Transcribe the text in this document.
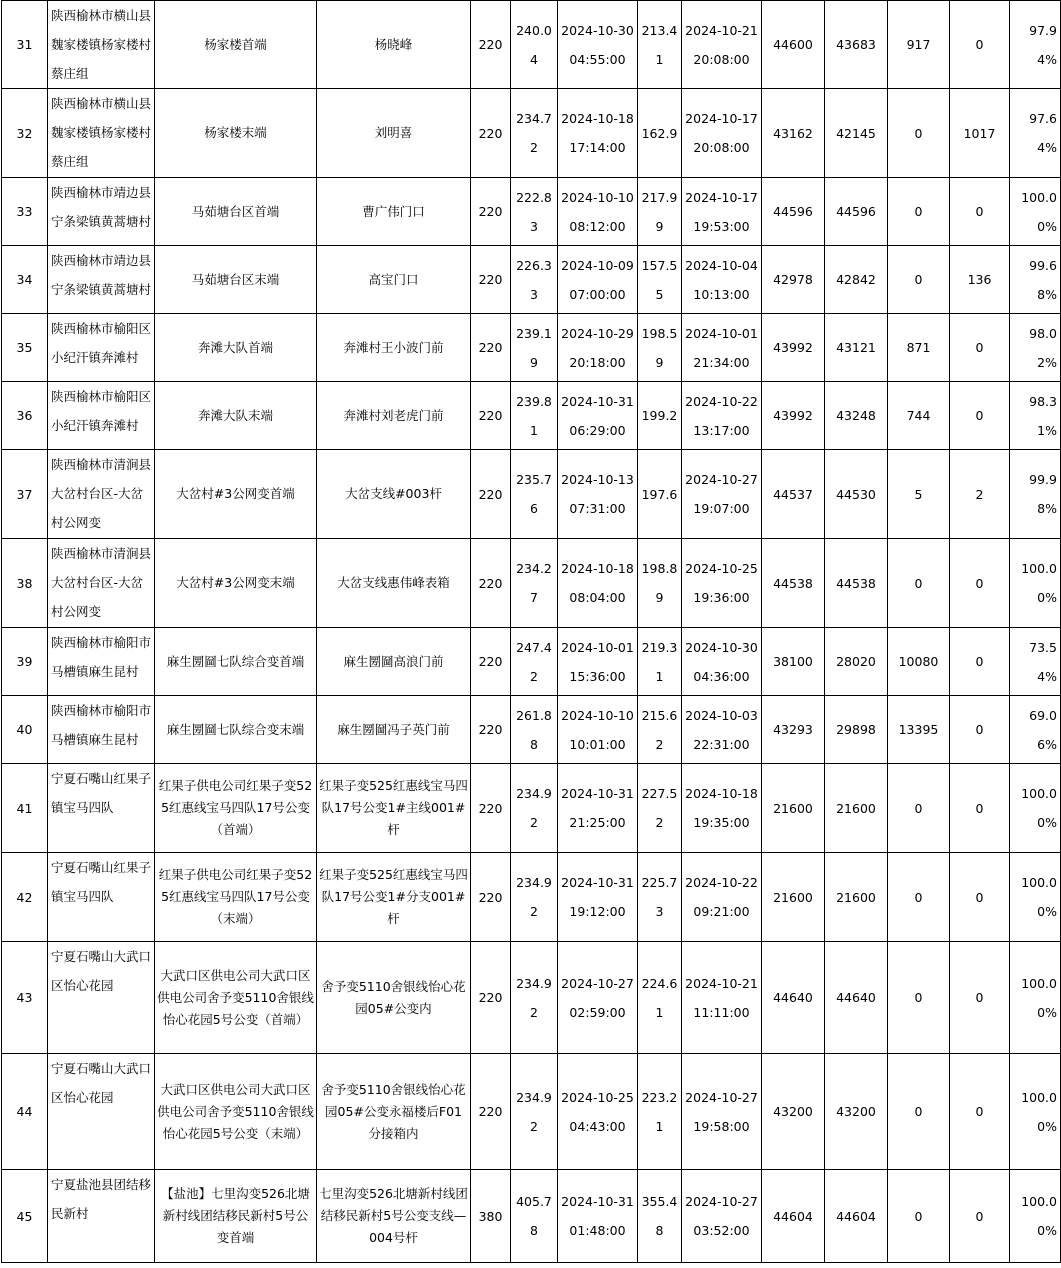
31	陕西榆林市横山县魏家楼镇杨家楼村蔡庄组	杨家楼首端	杨晓峰	220	240.04	2024-10-30 04:55:00	213.41	2024-10-21 20:08:00	44600	43683	917	0	97.94%
32	陕西榆林市横山县魏家楼镇杨家楼村蔡庄组	杨家楼末端	刘明喜	220	234.72	2024-10-18 17:14:00	162.9	2024-10-17 20:08:00	43162	42145	0	1017	97.64%
33	陕西榆林市靖边县宁条梁镇黄蒿塘村	马茹塘台区首端	曹广伟门口	220	222.83	2024-10-10 08:12:00	217.99	2024-10-17 19:53:00	44596	44596	0	0	100.00%
34	陕西榆林市靖边县宁条梁镇黄蒿塘村	马茹塘台区末端	高宝门口	220	226.33	2024-10-09 07:00:00	157.55	2024-10-04 10:13:00	42978	42842	0	136	99.68%
35	陕西榆林市榆阳区小纪汗镇奔滩村	奔滩大队首端	奔滩村王小波门前	220	239.19	2024-10-29 20:18:00	198.59	2024-10-01 21:34:00	43992	43121	871	0	98.02%
36	陕西榆林市榆阳区小纪汗镇奔滩村	奔滩大队末端	奔滩村刘老虎门前	220	239.81	2024-10-31 06:29:00	199.2	2024-10-22 13:17:00	43992	43248	744	0	98.31%
37	陕西榆林市清涧县大岔村台区-大岔村公网变	大岔村#3公网变首端	大岔支线#003杆	220	235.76	2024-10-13 07:31:00	197.6	2024-10-27 19:07:00	44537	44530	5	2	99.98%
38	陕西榆林市清涧县大岔村台区-大岔村公网变	大岔村#3公网变末端	大岔支线惠伟峰表箱	220	234.27	2024-10-18 08:04:00	198.89	2024-10-25 19:36:00	44538	44538	0	0	100.00%
39	陕西榆林市榆阳市马槽镇麻生昆村	麻生圐圙七队综合变首端	麻生圐圙高浪门前	220	247.42	2024-10-01 15:36:00	219.31	2024-10-30 04:36:00	38100	28020	10080	0	73.54%
40	陕西榆林市榆阳市马槽镇麻生昆村	麻生圐圙七队综合变末端	麻生圐圙冯子英门前	220	261.88	2024-10-10 10:01:00	215.62	2024-10-03 22:31:00	43293	29898	13395	0	69.06%
41	宁夏石嘴山红果子镇宝马四队	红果子供电公司红果子变525红惠线宝马四队17号公变（首端）	红果子变525红惠线宝马四队17号公变1#主线001#杆	220	234.92	2024-10-31 21:25:00	227.52	2024-10-18 19:35:00	21600	21600	0	0	100.00%
42	宁夏石嘴山红果子镇宝马四队	红果子供电公司红果子变525红惠线宝马四队17号公变（末端）	红果子变525红惠线宝马四队17号公变1#分支001#杆	220	234.92	2024-10-31 19:12:00	225.73	2024-10-22 09:21:00	21600	21600	0	0	100.00%
43	宁夏石嘴山大武口区怡心花园	大武口区供电公司大武口区供电公司舍予变5110舍银线怡心花园5号公变（首端）	舍予变5110舍银线怡心花园05#公变内	220	234.92	2024-10-27 02:59:00	224.61	2024-10-21 11:11:00	44640	44640	0	0	100.00%
44	宁夏石嘴山大武口区怡心花园	大武口区供电公司大武口区供电公司舍予变5110舍银线怡心花园5号公变（末端）	舍予变5110舍银线怡心花园05#公变永福楼后F01分接箱内	220	234.92	2024-10-25 04:43:00	223.21	2024-10-27 19:58:00	43200	43200	0	0	100.00%
45	宁夏盐池县团结移民新村	【盐池】七里沟变526北塘新村线团结移民新村5号公变首端	七里沟变526北塘新村线团结移民新村5号公变支线—004号杆	380	405.78	2024-10-31 01:48:00	355.48	2024-10-27 03:52:00	44604	44604	0	0	100.00%
